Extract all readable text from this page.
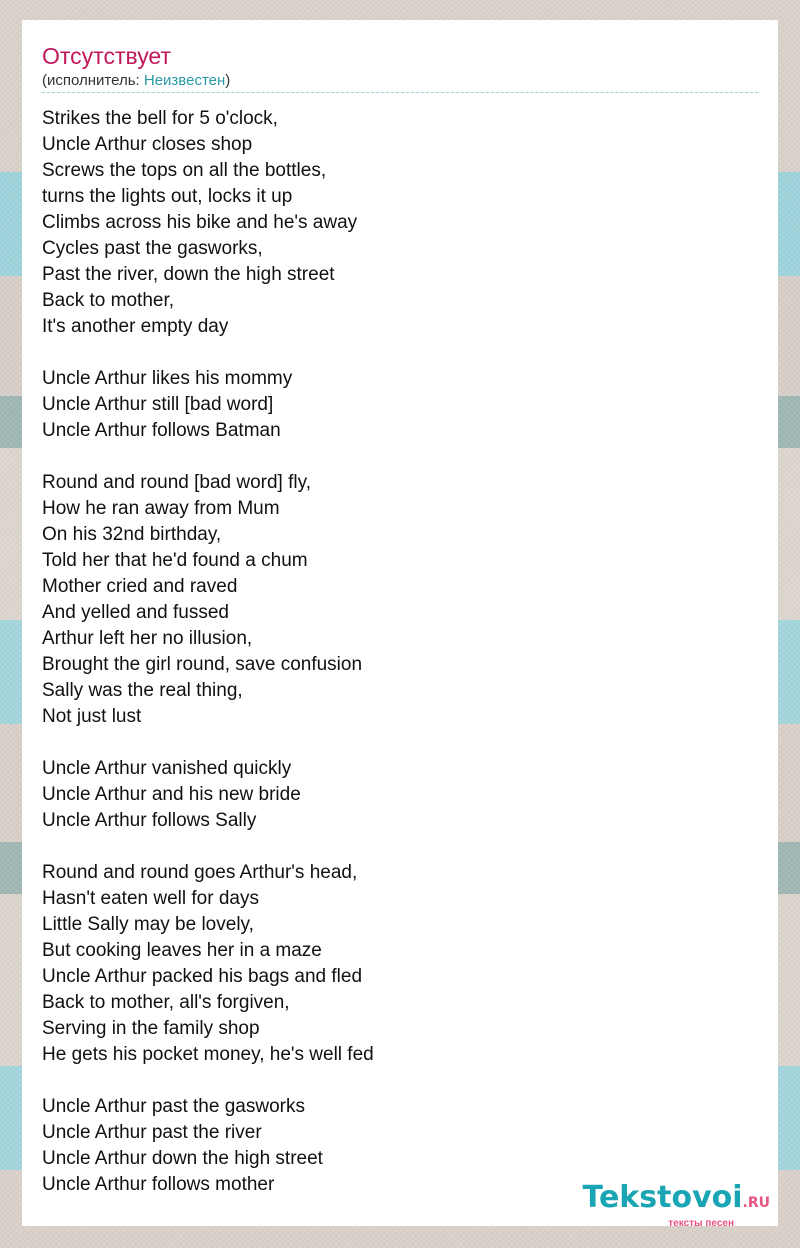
Отсутствует
(исполнитель: Неизвестен)
Strikes the bell for 5 o'clock,
Uncle Arthur closes shop
Screws the tops on all the bottles,
turns the lights out, locks it up
Climbs across his bike and he's away
Cycles past the gasworks,
Past the river, down the high street
Back to mother,
It's another empty day
Uncle Arthur likes his mommy
Uncle Arthur still [bad word]
Uncle Arthur follows Batman
Round and round [bad word] fly,
How he ran away from Mum
On his 32nd birthday,
Told her that he'd found a chum
Mother cried and raved
And yelled and fussed
Arthur left her no illusion,
Brought the girl round, save confusion
Sally was the real thing,
Not just lust
Uncle Arthur vanished quickly
Uncle Arthur and his new bride
Uncle Arthur follows Sally
Round and round goes Arthur's head,
Hasn't eaten well for days
Little Sally may be lovely,
But cooking leaves her in a maze
Uncle Arthur packed his bags and fled
Back to mother, all's forgiven,
Serving in the family shop
He gets his pocket money, he's well fed
Uncle Arthur past the gasworks
Uncle Arthur past the river
Uncle Arthur down the high street
Uncle Arthur follows mother	Tekstovoi.RU
тексты песен
